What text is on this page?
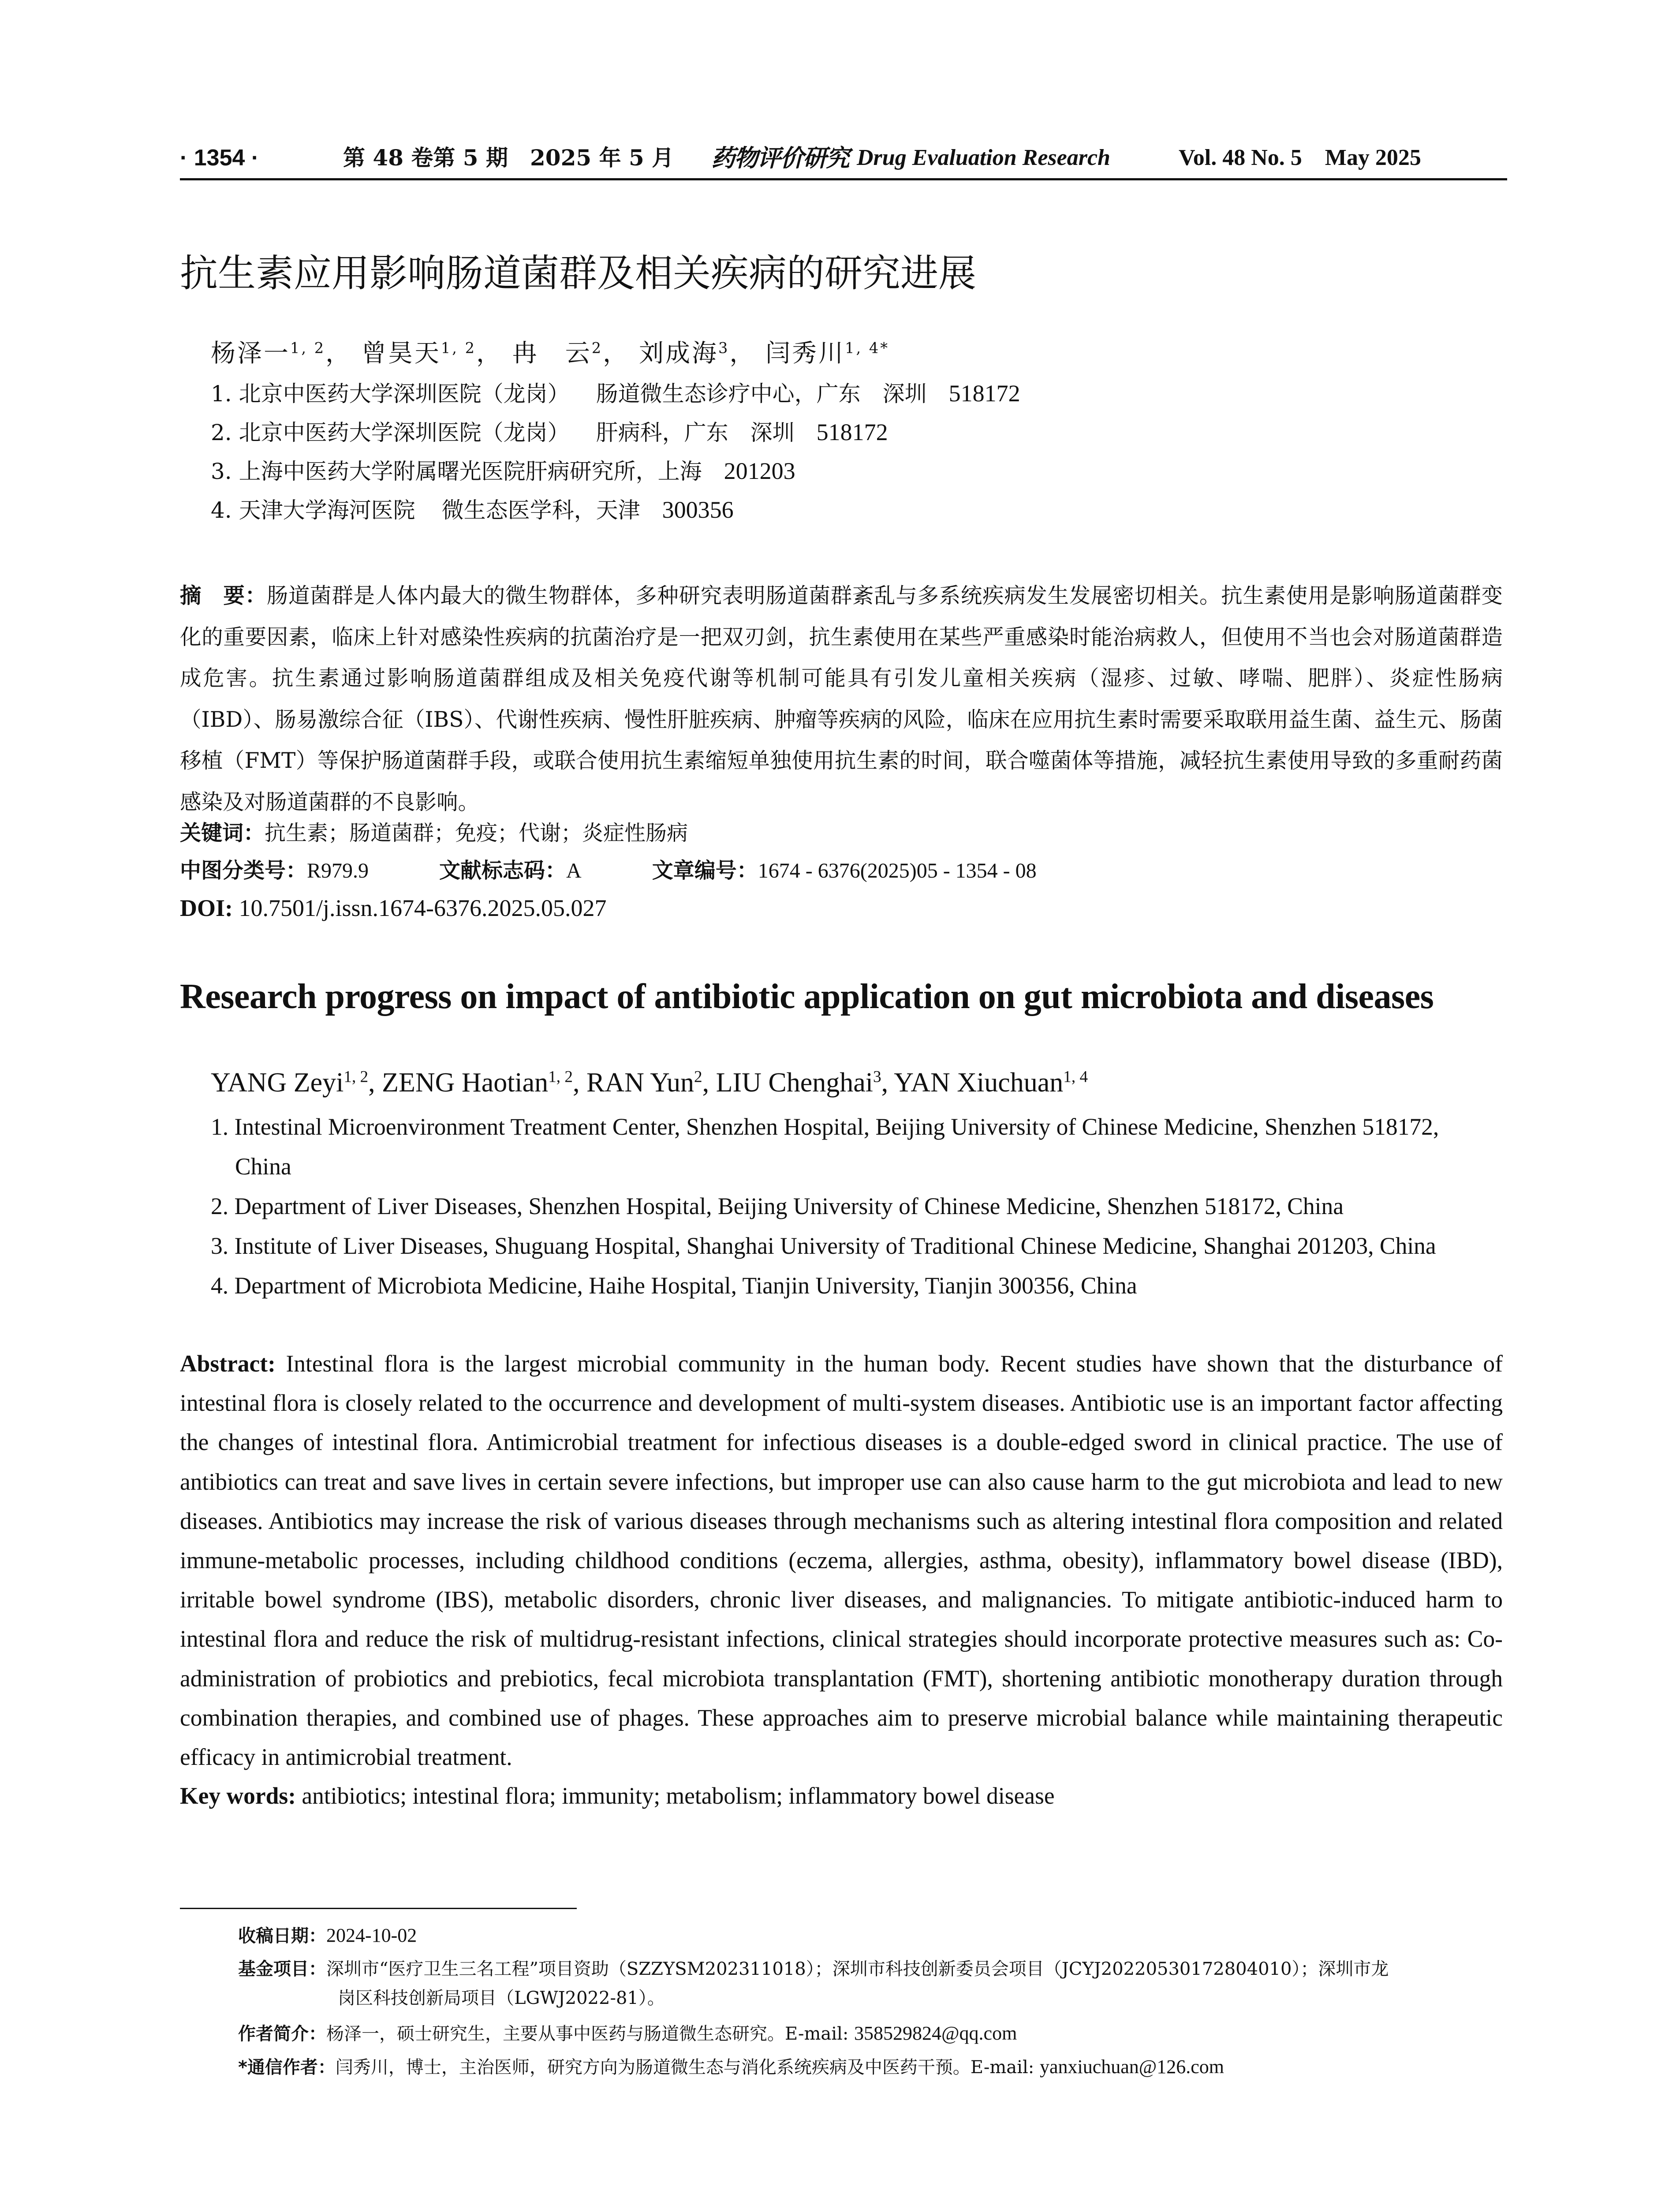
· 1354 ·	第 48 卷第 5 期　2025 年 5 月 药物评价研究 Drug Evaluation Research	Vol. 48 No. 5　May 2025
抗生素应用影响肠道菌群及相关疾病的研究进展
杨泽一$^{1, 2}$， 曾昊天$^{1, 2}$， 冉　云$^2$， 刘成海$^3$， 闫秀川$^{1, 4*}$
1. 北京中医药大学深圳医院（龙岗） 肠道微生态诊疗中心，广东　深圳 518172
2. 北京中医药大学深圳医院（龙岗） 肝病科，广东　深圳 518172
3. 上海中医药大学附属曙光医院肝病研究所，上海 201203
4. 天津大学海河医院 微生态医学科，天津 300356
摘　要：肠道菌群是人体内最大的微生物群体，多种研究表明肠道菌群紊乱与多系统疾病发生发展密切相关。抗生素使用是影响肠道菌群变化的重要因素，临床上针对感染性疾病的抗菌治疗是一把双刃剑，抗生素使用在某些严重感染时能治病救人，但使用不当也会对肠道菌群造成危害。抗生素通过影响肠道菌群组成及相关免疫代谢等机制可能具有引发儿童相关疾病（湿疹、过敏、哮喘、肥胖）、炎症性肠病（IBD）、肠易激综合征（IBS）、代谢性疾病、慢性肝脏疾病、肿瘤等疾病的风险，临床在应用抗生素时需要采取联用益生菌、益生元、肠菌移植（FMT）等保护肠道菌群手段，或联合使用抗生素缩短单独使用抗生素的时间，联合噬菌体等措施，减轻抗生素使用导致的多重耐药菌感染及对肠道菌群的不良影响。
关键词：抗生素；肠道菌群；免疫；代谢；炎症性肠病
中图分类号：R979.9	文献标志码：A	文章编号：1674 - 6376(2025)05 - 1354 - 08
DOI: 10.7501/j.issn.1674-6376.2025.05.027
Research progress on impact of antibiotic application on gut microbiota and diseases
YANG Zeyi$^{1, 2}$, ZENG Haotian$^{1, 2}$, RAN Yun$^2$, LIU Chenghai$^3$, YAN Xiuchuan$^{1, 4}$
1. Intestinal Microenvironment Treatment Center, Shenzhen Hospital, Beijing University of Chinese Medicine, Shenzhen 518172,
China
2. Department of Liver Diseases, Shenzhen Hospital, Beijing University of Chinese Medicine, Shenzhen 518172, China
3. Institute of Liver Diseases, Shuguang Hospital, Shanghai University of Traditional Chinese Medicine, Shanghai 201203, China
4. Department of Microbiota Medicine, Haihe Hospital, Tianjin University, Tianjin 300356, China
Abstract: Intestinal flora is the largest microbial community in the human body. Recent studies have shown that the disturbance of intestinal flora is closely related to the occurrence and development of multi-system diseases. Antibiotic use is an important factor affecting the changes of intestinal flora. Antimicrobial treatment for infectious diseases is a double-edged sword in clinical practice. The use of antibiotics can treat and save lives in certain severe infections, but improper use can also cause harm to the gut microbiota and lead to new diseases. Antibiotics may increase the risk of various diseases through mechanisms such as altering intestinal flora composition and related immune-metabolic processes, including childhood conditions (eczema, allergies, asthma, obesity), inflammatory bowel disease (IBD), irritable bowel syndrome (IBS), metabolic disorders, chronic liver diseases, and malignancies. To mitigate antibiotic-induced harm to intestinal flora and reduce the risk of multidrug-resistant infections, clinical strategies should incorporate protective measures such as: Co-administration of probiotics and prebiotics, fecal microbiota transplantation (FMT), shortening antibiotic monotherapy duration through combination therapies, and combined use of phages. These approaches aim to preserve microbial balance while maintaining therapeutic efficacy in antimicrobial treatment.
Key words: antibiotics; intestinal flora; immunity; metabolism; inflammatory bowel disease
收稿日期：2024-10-02
基金项目：深圳市“医疗卫生三名工程”项目资助（SZZYSM202311018）；深圳市科技创新委员会项目（JCYJ20220530172804010）；深圳市龙
岗区科技创新局项目（LGWJ2022-81）。
作者简介：杨泽一，硕士研究生，主要从事中医药与肠道微生态研究。E-mail: 358529824@qq.com
*通信作者：闫秀川，博士，主治医师，研究方向为肠道微生态与消化系统疾病及中医药干预。E-mail: yanxiuchuan@126.com
